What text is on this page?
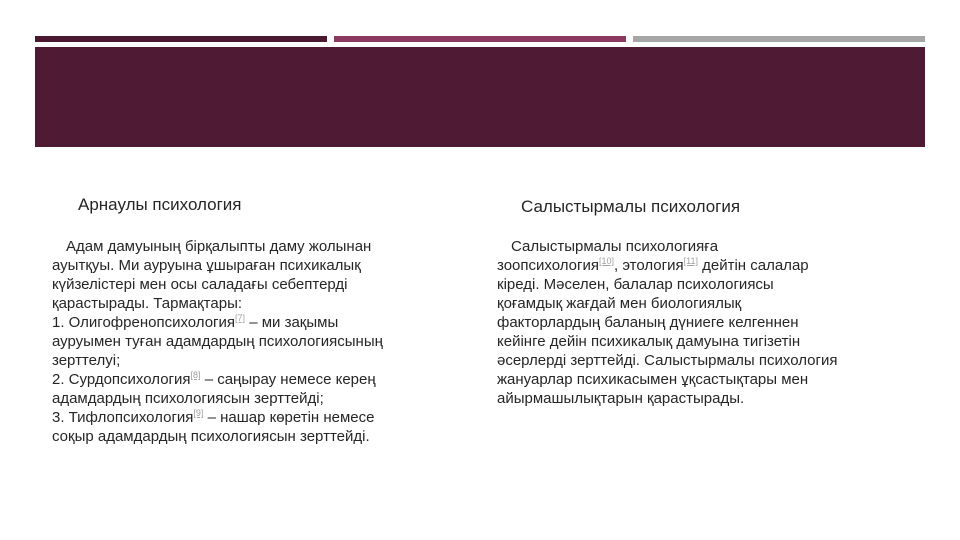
Арнаулы психология	Салыстырмалы психология
Адам дамуының бірқалыпты даму жолынан
ауытқуы. Ми ауруына ұшыраған психикалық
күйзелістері мен осы саладағы себептерді
қарастырады. Тармақтары:
1. Олигофренопсихология[7] – ми зақымы
ауруымен туған адамдардың психологиясының
зерттелуі;
2. Сурдопсихология[8] – саңырау немесе керең
адамдардың психологиясын зерттейді;
3. Тифлопсихология[9] – нашар көретін немесе
соқыр адамдардың психологиясын зерттейді.
Салыстырмалы психологияға
зоопсихология[10], этология[11] дейтін салалар
кіреді. Мәселен, балалар психологиясы
қоғамдық жағдай мен биологиялық
факторлардың баланың дүниеге келгеннен
кейінге дейін психикалық дамуына тигізетін
әсерлерді зерттейді. Салыстырмалы психология
жануарлар психикасымен ұқсастықтары мен
айырмашылықтарын қарастырады.
